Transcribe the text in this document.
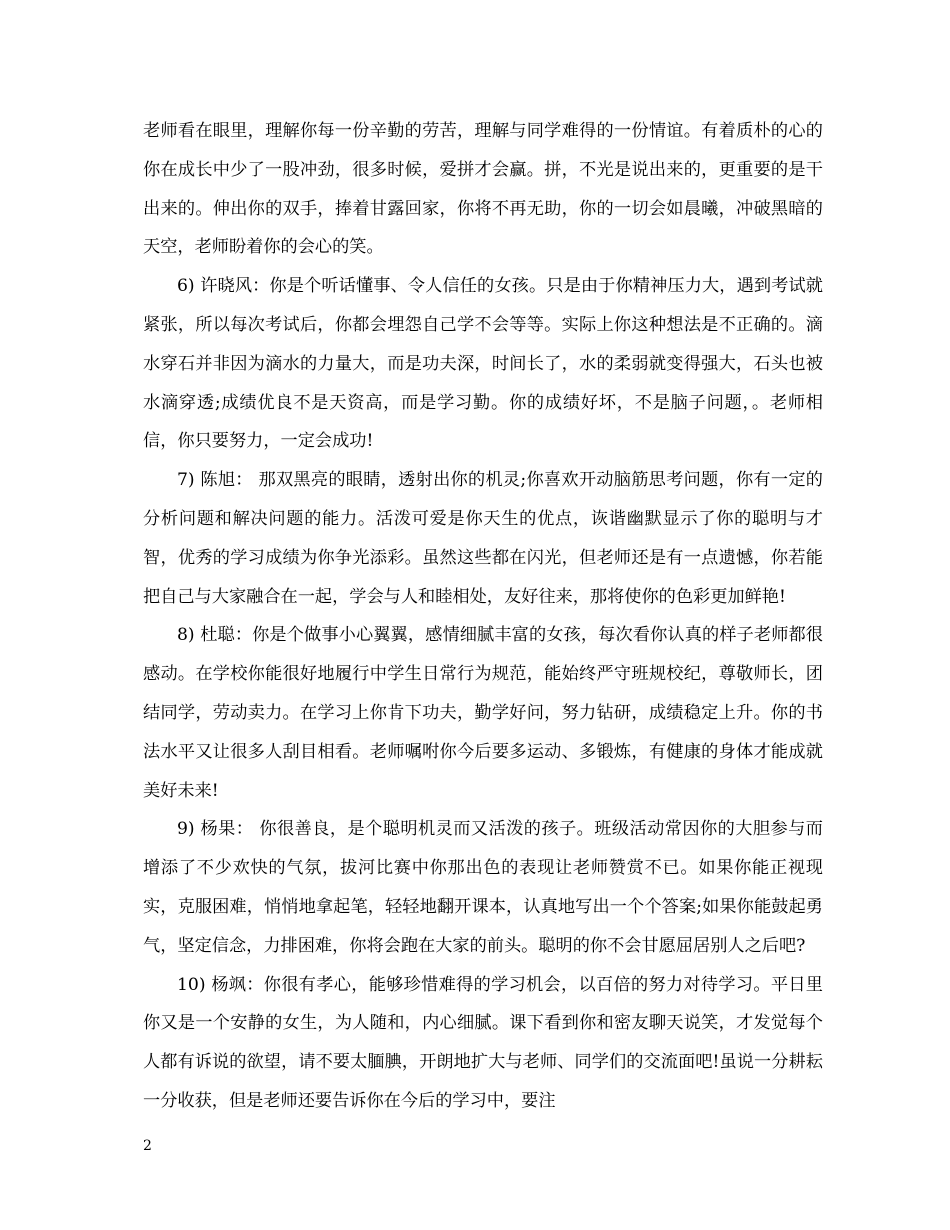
老师看在眼里，理解你每一份辛勤的劳苦，理解与同学难得的一份情谊。有着质朴的心的你在成长中少了一股冲劲，很多时候，爱拼才会赢。拼，不光是说出来的，更重要的是干出来的。伸出你的双手，捧着甘露回家，你将不再无助，你的一切会如晨曦，冲破黑暗的天空，老师盼着你的会心的笑。

6) 许晓风：你是个听话懂事、令人信任的女孩。只是由于你精神压力大，遇到考试就紧张，所以每次考试后，你都会埋怨自己学不会等等。实际上你这种想法是不正确的。滴水穿石并非因为滴水的力量大，而是功夫深，时间长了，水的柔弱就变得强大，石头也被水滴穿透;成绩优良不是天资高，而是学习勤。你的成绩好坏，不是脑子问题，。老师相信，你只要努力，一定会成功!

7) 陈旭： 那双黑亮的眼睛，透射出你的机灵;你喜欢开动脑筋思考问题，你有一定的分析问题和解决问题的能力。活泼可爱是你天生的优点，诙谐幽默显示了你的聪明与才智，优秀的学习成绩为你争光添彩。虽然这些都在闪光，但老师还是有一点遗憾，你若能把自己与大家融合在一起，学会与人和睦相处，友好往来，那将使你的色彩更加鲜艳!

8) 杜聪：你是个做事小心翼翼，感情细腻丰富的女孩，每次看你认真的样子老师都很感动。在学校你能很好地履行中学生日常行为规范，能始终严守班规校纪，尊敬师长，团结同学，劳动卖力。在学习上你肯下功夫，勤学好问，努力钻研，成绩稳定上升。你的书法水平又让很多人刮目相看。老师嘱咐你今后要多运动、多锻炼，有健康的身体才能成就美好未来!

9) 杨果： 你很善良，是个聪明机灵而又活泼的孩子。班级活动常因你的大胆参与而增添了不少欢快的气氛，拔河比赛中你那出色的表现让老师赞赏不已。如果你能正视现实，克服困难，悄悄地拿起笔，轻轻地翻开课本，认真地写出一个个答案;如果你能鼓起勇气，坚定信念，力排困难，你将会跑在大家的前头。聪明的你不会甘愿屈居别人之后吧?

10) 杨飒：你很有孝心，能够珍惜难得的学习机会，以百倍的努力对待学习。平日里你又是一个安静的女生，为人随和，内心细腻。课下看到你和密友聊天说笑，才发觉每个人都有诉说的欲望，请不要太腼腆，开朗地扩大与老师、同学们的交流面吧!虽说一分耕耘一分收获，但是老师还要告诉你在今后的学习中，要注

2
